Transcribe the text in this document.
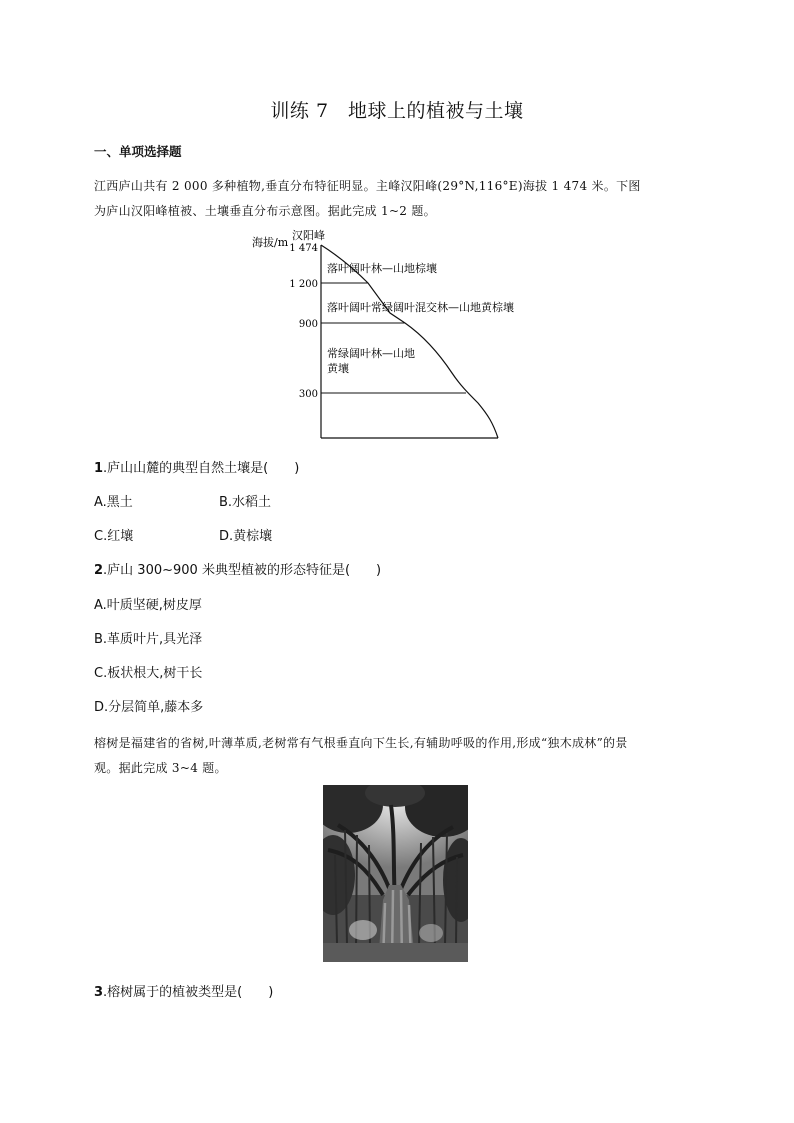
训练 7　地球上的植被与土壤
一、单项选择题
江西庐山共有 2 000 多种植物,垂直分布特征明显。主峰汉阳峰(29°N,116°E)海拔 1 474 米。下图
为庐山汉阳峰植被、土壤垂直分布示意图。据此完成 1~2 题。
汉阳峰
海拔/m 1 474
1 200
900
300
落叶阔叶林—山地棕壤
落叶阔叶常绿阔叶混交林—山地黄棕壤
常绿阔叶林—山地
黄壤
1.庐山山麓的典型自然土壤是(　　)
A.黑土	B.水稻土
C.红壤	D.黄棕壤
2.庐山 300~900 米典型植被的形态特征是(　　)
A.叶质坚硬,树皮厚
B.革质叶片,具光泽
C.板状根大,树干长
D.分层简单,藤本多
榕树是福建省的省树,叶薄革质,老树常有气根垂直向下生长,有辅助呼吸的作用,形成“独木成林”的景
观。据此完成 3~4 题。
3.榕树属于的植被类型是(　　)
